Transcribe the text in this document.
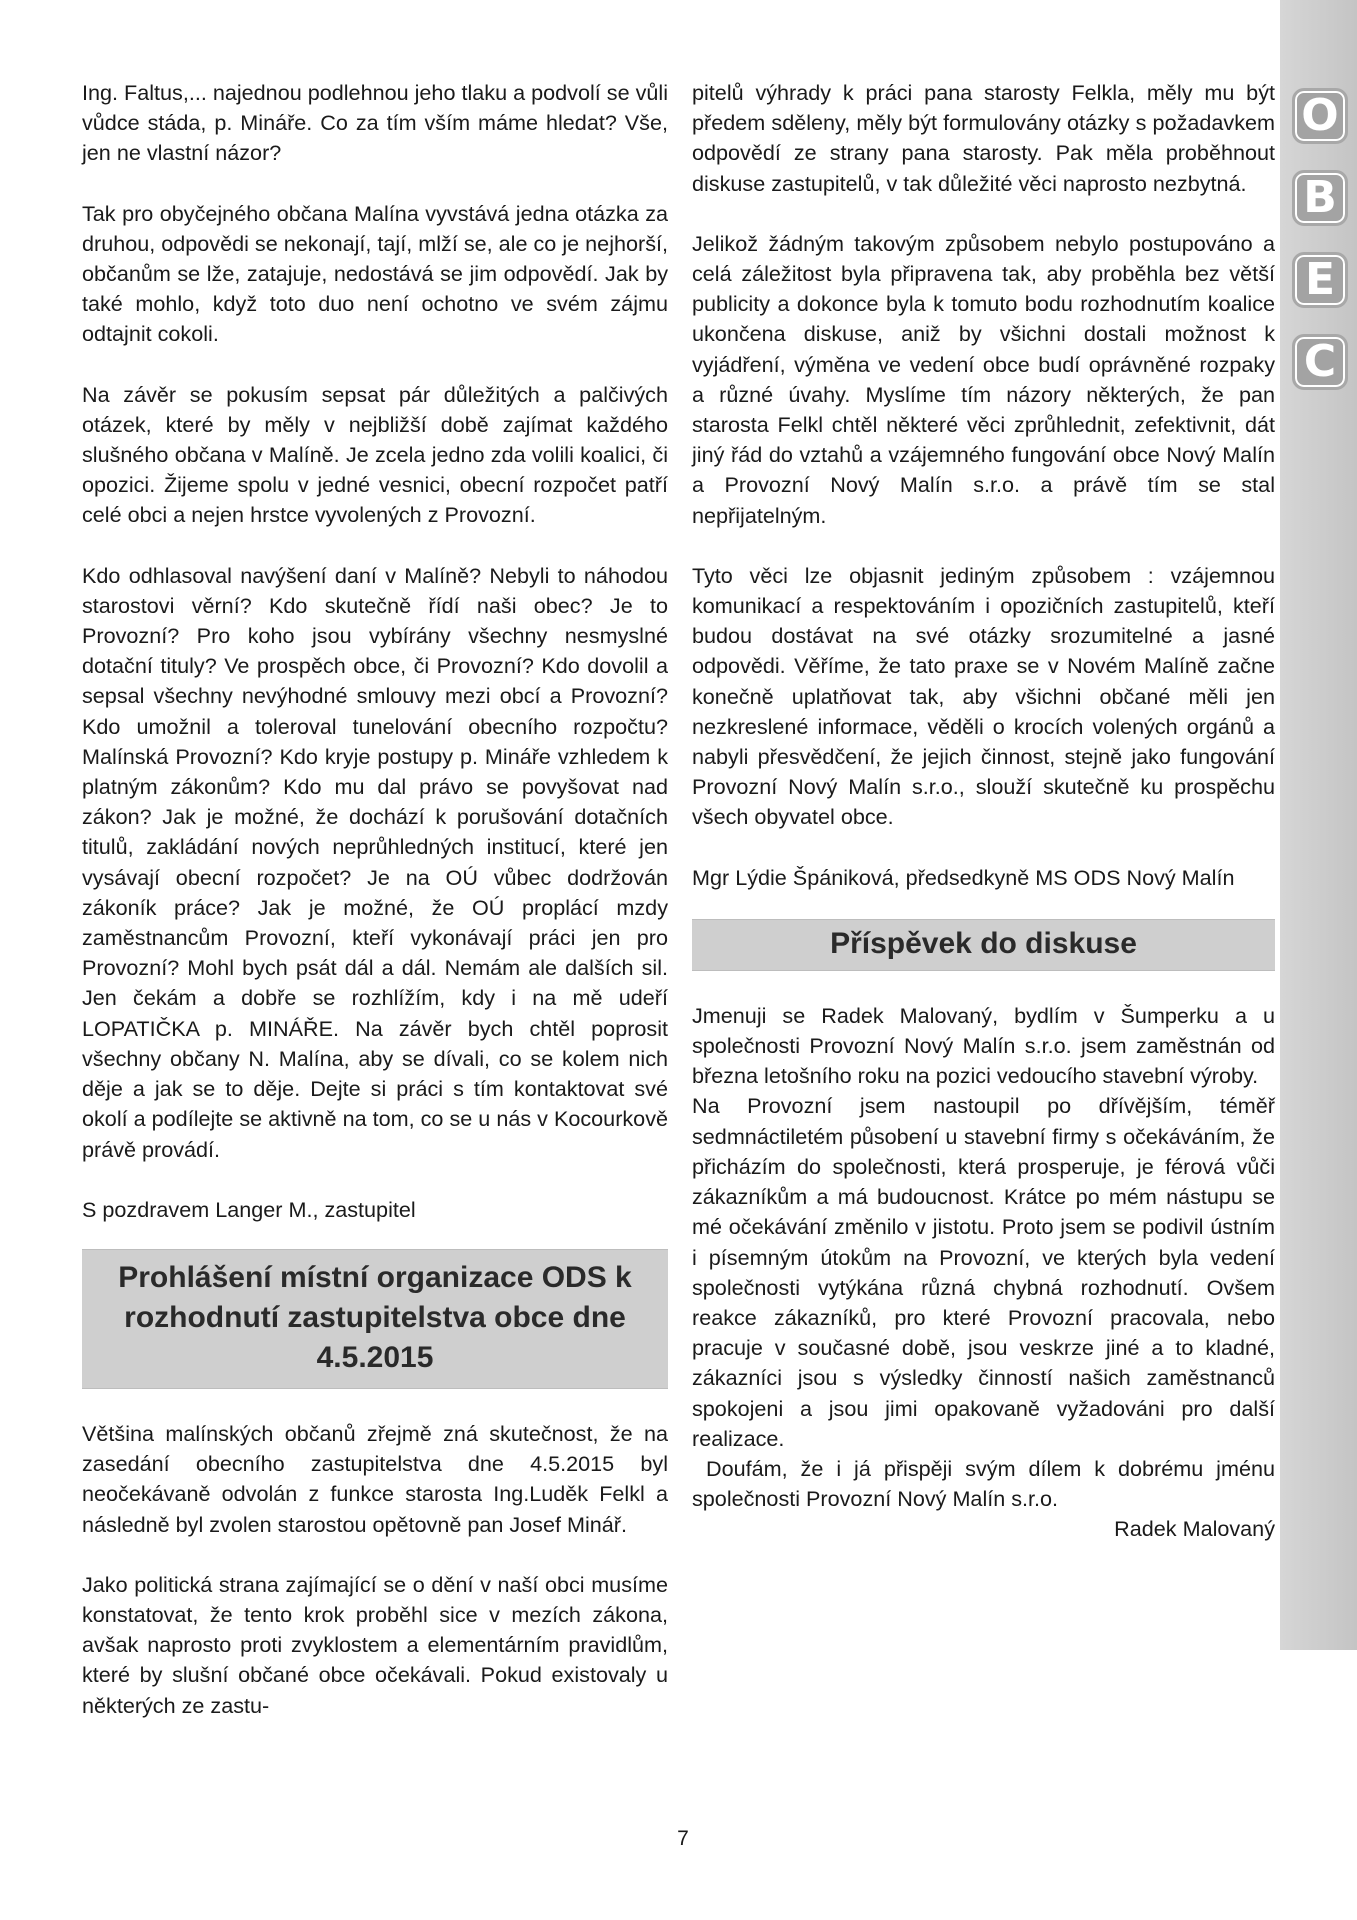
O
B
E
C

Ing. Faltus,... najednou podlehnou jeho tlaku a podvolí se vůli vůdce stáda, p. Mináře. Co za tím vším máme hledat? Vše, jen ne vlastní názor?

Tak pro obyčejného občana Malína vyvstává jedna otázka za druhou, odpovědi se nekonají, tají, mlží se, ale co je nejhorší, občanům se lže, zatajuje, nedostává se jim odpovědí. Jak by také mohlo, když toto duo není ochotno ve svém zájmu odtajnit cokoli.

Na závěr se pokusím sepsat pár důležitých a palčivých otázek, které by měly v nejbližší době zajímat každého slušného občana v Malíně. Je zcela jedno zda volili koalici, či opozici. Žijeme spolu v jedné vesnici, obecní rozpočet patří celé obci a nejen hrstce vyvolených z Provozní.

Kdo odhlasoval navýšení daní v Malíně? Nebyli to náhodou starostovi věrní? Kdo skutečně řídí naši obec? Je to Provozní? Pro koho jsou vybírány všechny nesmyslné dotační tituly? Ve prospěch obce, či Provozní? Kdo dovolil a sepsal všechny nevýhodné smlouvy mezi obcí a Provozní? Kdo umožnil a toleroval tunelování obecního rozpočtu? Malínská Provozní? Kdo kryje postupy p. Mináře vzhledem k platným zákonům? Kdo mu dal právo se povyšovat nad zákon? Jak je možné, že dochází k porušování dotačních titulů, zakládání nových neprůhledných institucí, které jen vysávají obecní rozpočet? Je na OÚ vůbec dodržován zákoník práce? Jak je možné, že OÚ proplácí mzdy zaměstnancům Provozní, kteří vykonávají práci jen pro Provozní? Mohl bych psát dál a dál. Nemám ale dalších sil. Jen čekám a dobře se rozhlížím, kdy i na mě udeří LOPATIČKA p. MINÁŘE. Na závěr bych chtěl poprosit všechny občany N. Malína, aby se dívali, co se kolem nich děje a jak se to děje. Dejte si práci s tím kontaktovat své okolí a podílejte se aktivně na tom, co se u nás v Kocourkově právě provádí.

S pozdravem Langer M., zastupitel

Prohlášení místní organizace ODS k rozhodnutí zastupitelstva obce dne 4.5.2015

Většina malínských občanů zřejmě zná skutečnost, že na zasedání obecního zastupitelstva dne 4.5.2015 byl neočekávaně odvolán z funkce starosta Ing.Luděk Felkl a následně byl zvolen starostou opětovně pan Josef Minář.

Jako politická strana zajímající se o dění v naší obci musíme konstatovat, že tento krok proběhl sice v mezích zákona, avšak naprosto proti zvyklostem a elementárním pravidlům, které by slušní občané obce očekávali. Pokud existovaly u některých ze zastu-

pitelů výhrady k práci pana starosty Felkla, měly mu být předem sděleny, měly být formulovány otázky s požadavkem odpovědí ze strany pana starosty. Pak měla proběhnout diskuse zastupitelů, v tak důležité věci naprosto nezbytná.

Jelikož žádným takovým způsobem nebylo postupováno a celá záležitost byla připravena tak, aby proběhla bez větší publicity a dokonce byla k tomuto bodu rozhodnutím koalice ukončena diskuse, aniž by všichni dostali možnost k vyjádření, výměna ve vedení obce budí oprávněné rozpaky a různé úvahy. Myslíme tím názory některých, že pan starosta Felkl chtěl některé věci zprůhlednit, zefektivnit, dát jiný řád do vztahů a vzájemného fungování obce Nový Malín a Provozní Nový Malín s.r.o. a právě tím se stal nepřijatelným.

Tyto věci lze objasnit jediným způsobem : vzájemnou komunikací a respektováním i opozičních zastupitelů, kteří budou dostávat na své otázky srozumitelné a jasné odpovědi. Věříme, že tato praxe se v Novém Malíně začne konečně uplatňovat tak, aby všichni občané měli jen nezkreslené informace, věděli o krocích volených orgánů a nabyli přesvědčení, že jejich činnost, stejně jako fungování Provozní Nový Malín s.r.o., slouží skutečně ku prospěchu všech obyvatel obce.

Mgr Lýdie Špániková, předsedkyně MS ODS Nový Malín

Příspěvek do diskuse

Jmenuji se Radek Malovaný, bydlím v Šumperku a u společnosti Provozní Nový Malín s.r.o. jsem zaměstnán od března letošního roku na pozici vedoucího stavební výroby.

Na Provozní jsem nastoupil po dřívějším, téměř sedmnáctiletém působení u stavební firmy s očekáváním, že přicházím do společnosti, která prosperuje, je férová vůči zákazníkům a má budoucnost. Krátce po mém nástupu se mé očekávání změnilo v jistotu. Proto jsem se podivil ústním i písemným útokům na Provozní, ve kterých byla vedení společnosti vytýkána různá chybná rozhodnutí. Ovšem reakce zákazníků, pro které Provozní pracovala, nebo pracuje v současné době, jsou veskrze jiné a to kladné, zákazníci jsou s výsledky činností našich zaměstnanců spokojeni a jsou jimi opakovaně vyžadováni pro další realizace.

Doufám, že i já přispěji svým dílem k dobrému jménu společnosti Provozní Nový Malín s.r.o.

Radek Malovaný

7
